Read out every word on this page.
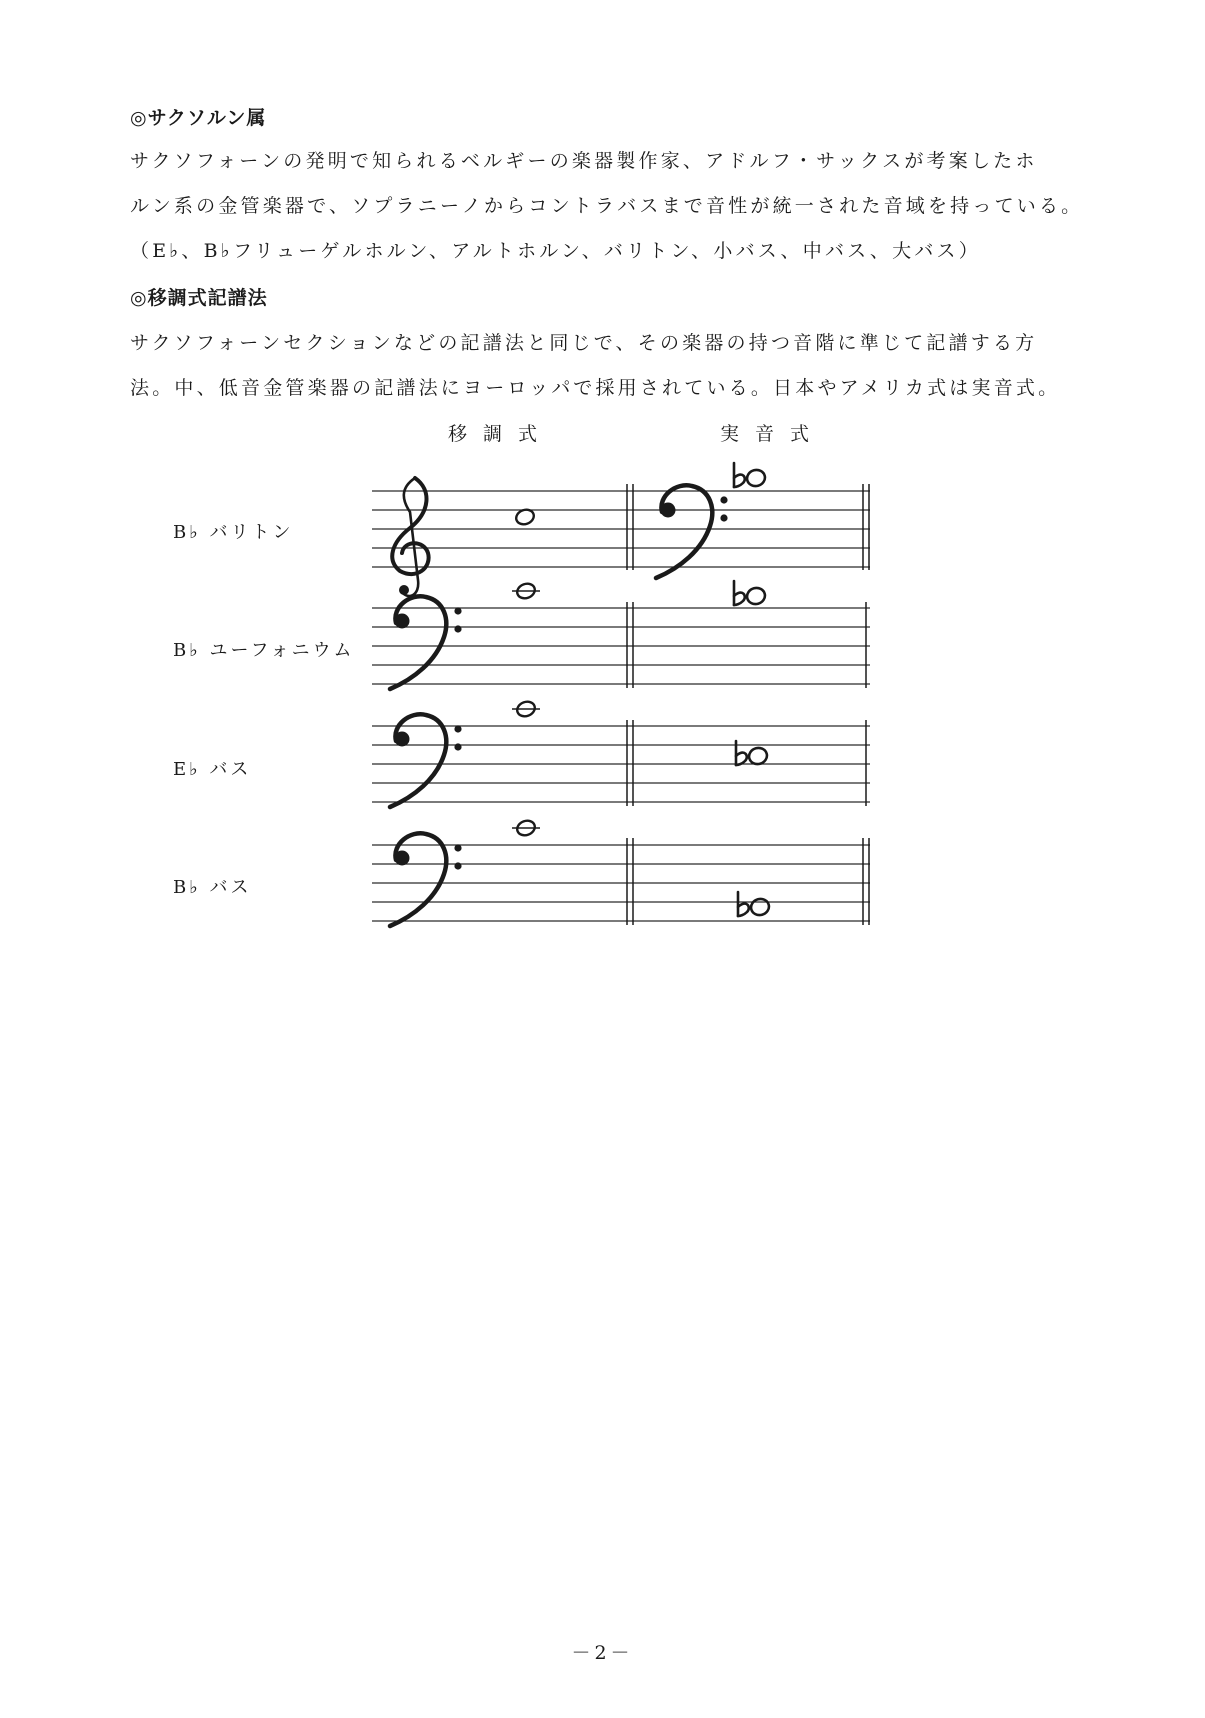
◎サクソルン属
サクソフォーンの発明で知られるベルギーの楽器製作家、アドルフ・サックスが考案したホ
ルン系の金管楽器で、ソプラニーノからコントラバスまで音性が統一された音域を持っている。
（E♭、B♭フリューゲルホルン、アルトホルン、バリトン、小バス、中バス、大バス）
◎移調式記譜法
サクソフォーンセクションなどの記譜法と同じで、その楽器の持つ音階に準じて記譜する方
法。中、低音金管楽器の記譜法にヨーロッパで採用されている。日本やアメリカ式は実音式。
移調式	実音式
B♭ バリトン
B♭ ユーフォニウム
E♭ バス
B♭ バス
－2－
